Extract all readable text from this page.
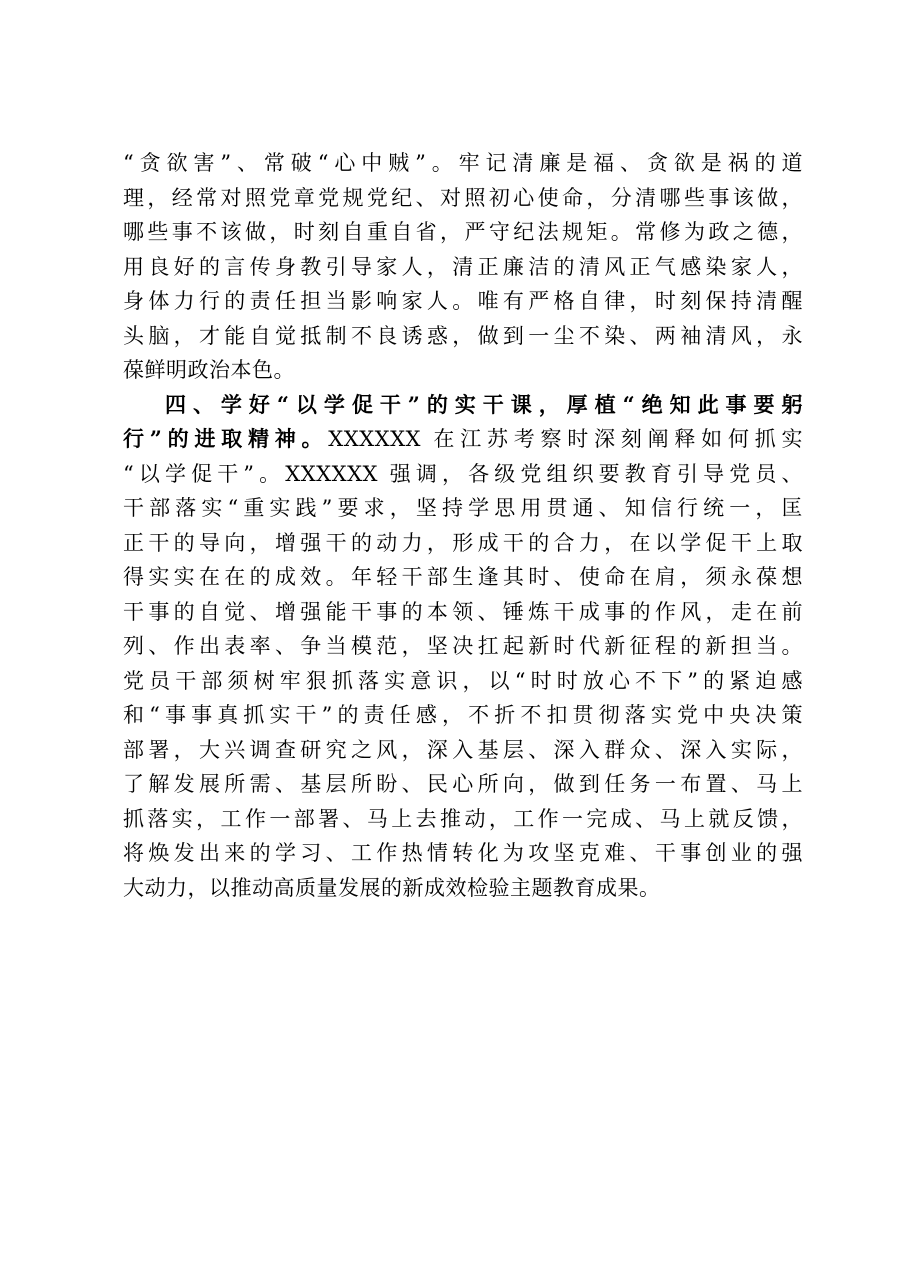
“贪欲害”、常破“心中贼”。牢记清廉是福、贪欲是祸的道
理，经常对照党章党规党纪、对照初心使命，分清哪些事该做，
哪些事不该做，时刻自重自省，严守纪法规矩。常修为政之德，
用良好的言传身教引导家人，清正廉洁的清风正气感染家人，
身体力行的责任担当影响家人。唯有严格自律，时刻保持清醒
头脑，才能自觉抵制不良诱惑，做到一尘不染、两袖清风，永
葆鲜明政治本色。
四、学好“以学促干”的实干课，厚植“绝知此事要躬
行”的进取精神。XXXXXX 在江苏考察时深刻阐释如何抓实
“以学促干”。XXXXXX 强调，各级党组织要教育引导党员、
干部落实“重实践”要求，坚持学思用贯通、知信行统一，匡
正干的导向，增强干的动力，形成干的合力，在以学促干上取
得实实在在的成效。年轻干部生逢其时、使命在肩，须永葆想
干事的自觉、增强能干事的本领、锤炼干成事的作风，走在前
列、作出表率、争当模范，坚决扛起新时代新征程的新担当。
党员干部须树牢狠抓落实意识，以“时时放心不下”的紧迫感
和“事事真抓实干”的责任感，不折不扣贯彻落实党中央决策
部署，大兴调查研究之风，深入基层、深入群众、深入实际，
了解发展所需、基层所盼、民心所向，做到任务一布置、马上
抓落实，工作一部署、马上去推动，工作一完成、马上就反馈，
将焕发出来的学习、工作热情转化为攻坚克难、干事创业的强
大动力，以推动高质量发展的新成效检验主题教育成果。
